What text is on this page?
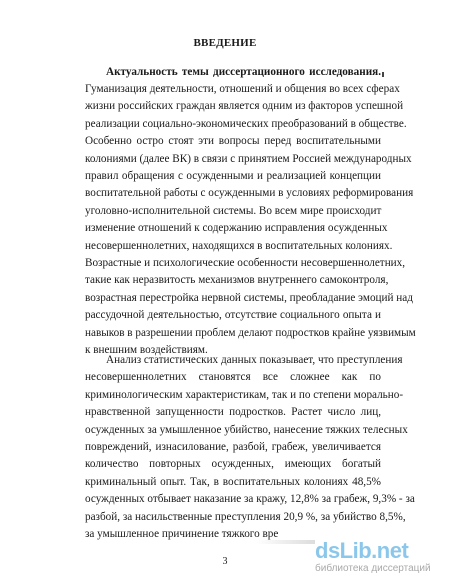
ВВЕДЕНИЕ
Актуальность темы диссертационного исследования.
Гуманизация деятельности, отношений и общения во всех сферах
жизни российских граждан является одним из факторов успешной
реализации социально-экономических преобразований в обществе.
Особенно остро стоят эти вопросы перед воспитательными
колониями (далее ВК) в связи с принятием Россией международных
правил обращения с осужденными и реализацией концепции
воспитательной работы с осужденными в условиях реформирования
уголовно-исполнительной системы. Во всем мире происходит
изменение отношений к содержанию исправления осужденных
несовершеннолетних, находящихся в воспитательных колониях.
Возрастные и психологические особенности несовершеннолетних,
такие как неразвитость механизмов внутреннего самоконтроля,
возрастная перестройка нервной системы, преобладание эмоций над
рассудочной деятельностью, отсутствие социального опыта и
навыков в разрешении проблем делают подростков крайне уязвимым
к внешним воздействиям.
Анализ статистических данных показывает, что преступления
несовершеннолетних становятся все сложнее как по
криминологическим характеристикам, так и по степени морально-
нравственной запущенности подростков. Растет число лиц,
осужденных за умышленное убийство, нанесение тяжких телесных
повреждений, изнасилование, разбой, грабеж, увеличивается
количество повторных осужденных, имеющих богатый
криминальный опыт. Так, в воспитательных колониях 48,5%
осужденных отбывает наказание за кражу, 12,8% за грабеж, 9,3% - за
разбой, за насильственные преступления 20,9 %, за убийство 8,5%,
за умышленное причинение тяжкого вре
3	dsLib.net
библиотека диссертаций
